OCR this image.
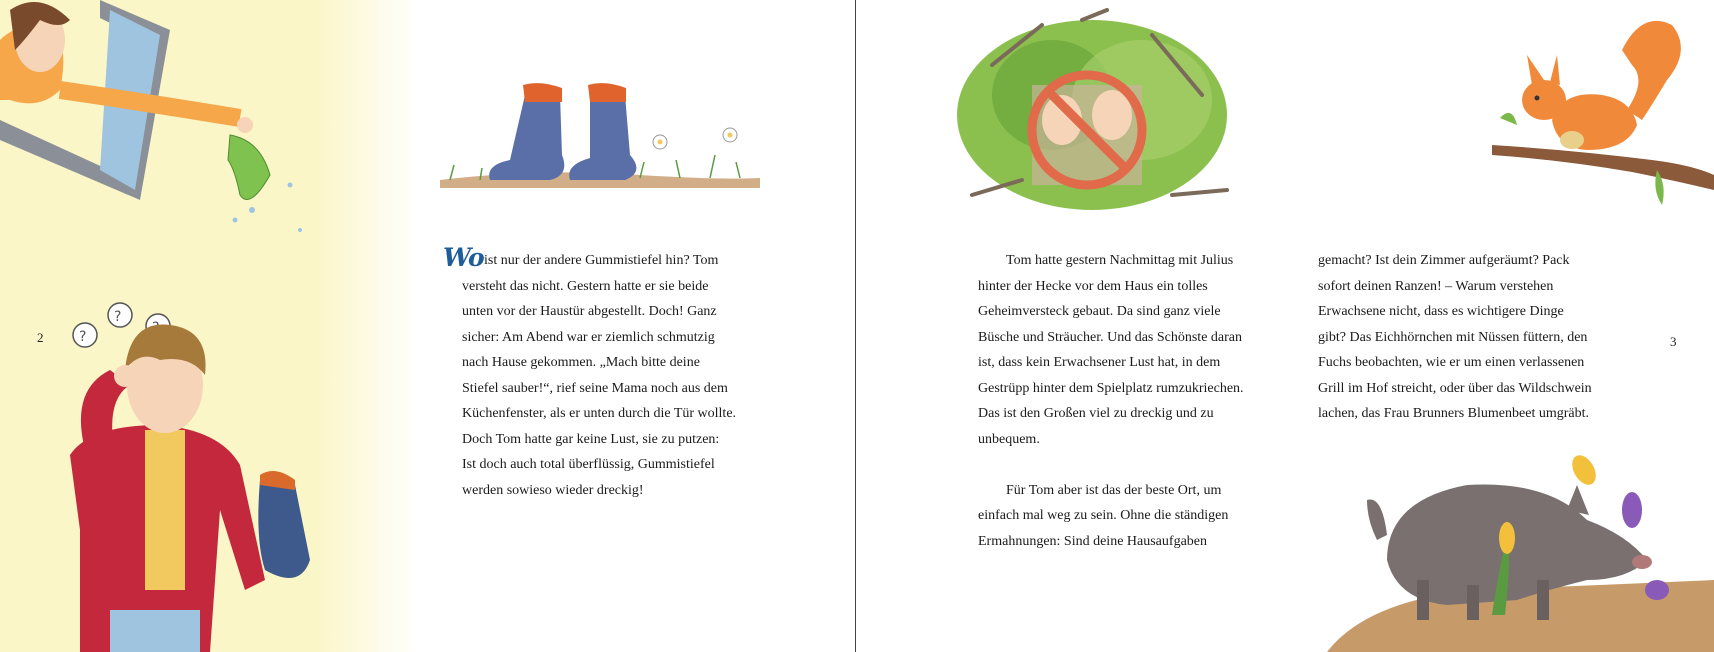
?
?
2
Wo ist nur der andere Gummistiefel hin? Tom
versteht das nicht. Gestern hatte er sie beide
unten vor der Haustür abgestellt. Doch! Ganz
sicher: Am Abend war er ziemlich schmutzig
nach Hause gekommen. „Mach bitte deine
Stiefel sauber!“, rief seine Mama noch aus dem
Küchenfenster, als er unten durch die Tür wollte.
Doch Tom hatte gar keine Lust, sie zu putzen:
Ist doch auch total überflüssig, Gummistiefel
werden sowieso wieder dreckig!
3
Tom hatte gestern Nachmittag mit Julius
hinter der Hecke vor dem Haus ein tolles
Geheimversteck gebaut. Da sind ganz viele
Büsche und Sträucher. Und das Schönste daran
ist, dass kein Erwachsener Lust hat, in dem
Gestrüpp hinter dem Spielplatz rumzukriechen.
Das ist den Großen viel zu dreckig und zu
unbequem.
Für Tom aber ist das der beste Ort, um
einfach mal weg zu sein. Ohne die ständigen
Ermahnungen: Sind deine Hausaufgaben
gemacht? Ist dein Zimmer aufgeräumt? Pack
sofort deinen Ranzen! – Warum verstehen
Erwachsene nicht, dass es wichtigere Dinge
gibt? Das Eichhörnchen mit Nüssen füttern, den
Fuchs beobachten, wie er um einen verlassenen
Grill im Hof streicht, oder über das Wildschwein
lachen, das Frau Brunners Blumenbeet umgräbt.
